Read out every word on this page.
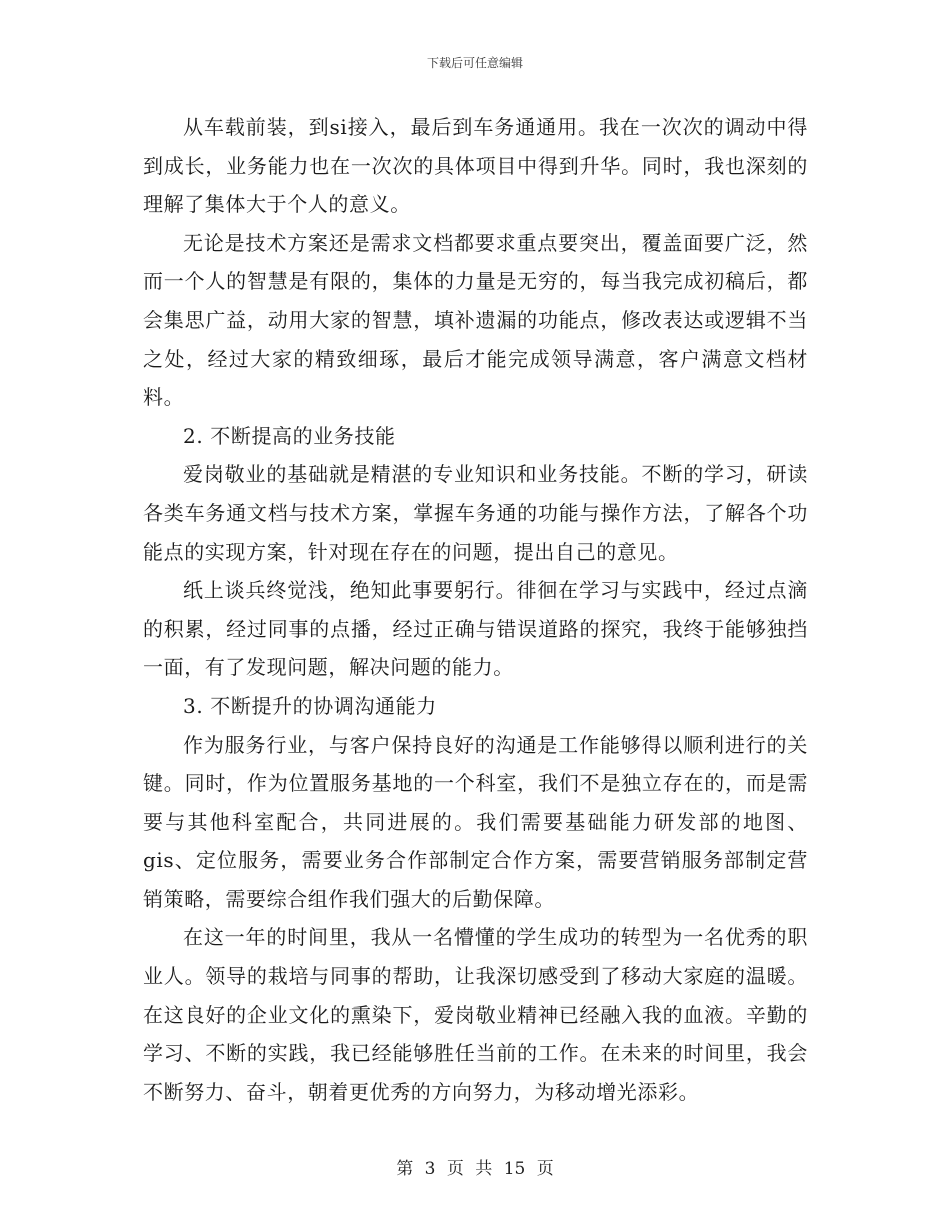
下载后可任意编辑

从车载前装，到si接入，最后到车务通通用。我在一次次的调动中得到成长，业务能力也在一次次的具体项目中得到升华。同时，我也深刻的理解了集体大于个人的意义。

无论是技术方案还是需求文档都要求重点要突出，覆盖面要广泛，然而一个人的智慧是有限的，集体的力量是无穷的，每当我完成初稿后，都会集思广益，动用大家的智慧，填补遗漏的功能点，修改表达或逻辑不当之处，经过大家的精致细琢，最后才能完成领导满意，客户满意文档材料。

2. 不断提高的业务技能

爱岗敬业的基础就是精湛的专业知识和业务技能。不断的学习，研读各类车务通文档与技术方案，掌握车务通的功能与操作方法，了解各个功能点的实现方案，针对现在存在的问题，提出自己的意见。

纸上谈兵终觉浅，绝知此事要躬行。徘徊在学习与实践中，经过点滴的积累，经过同事的点播，经过正确与错误道路的探究，我终于能够独挡一面，有了发现问题，解决问题的能力。

3. 不断提升的协调沟通能力

作为服务行业，与客户保持良好的沟通是工作能够得以顺利进行的关键。同时，作为位置服务基地的一个科室，我们不是独立存在的，而是需要与其他科室配合，共同进展的。我们需要基础能力研发部的地图、gis、定位服务，需要业务合作部制定合作方案，需要营销服务部制定营销策略，需要综合组作我们强大的后勤保障。

在这一年的时间里，我从一名懵懂的学生成功的转型为一名优秀的职业人。领导的栽培与同事的帮助，让我深切感受到了移动大家庭的温暖。在这良好的企业文化的熏染下，爱岗敬业精神已经融入我的血液。辛勤的学习、不断的实践，我已经能够胜任当前的工作。在未来的时间里，我会不断努力、奋斗，朝着更优秀的方向努力，为移动增光添彩。

第 3 页 共 15 页
